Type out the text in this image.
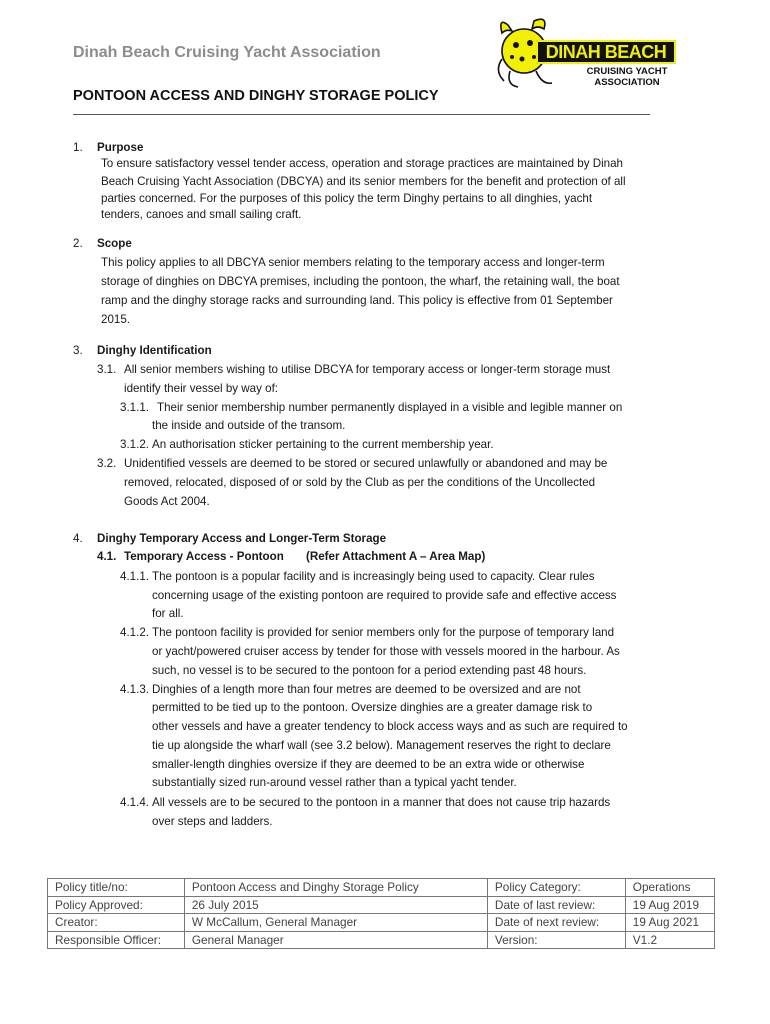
Dinah Beach Cruising Yacht Association
PONTOON ACCESS AND DINGHY STORAGE POLICY
DINAH BEACH
CRUISING YACHT
ASSOCIATION
1. Purpose
To ensure satisfactory vessel tender access, operation and storage practices are maintained by Dinah
Beach Cruising Yacht Association (DBCYA) and its senior members for the benefit and protection of all
parties concerned. For the purposes of this policy the term Dinghy pertains to all dinghies, yacht
tenders, canoes and small sailing craft.
2. Scope
This policy applies to all DBCYA senior members relating to the temporary access and longer-term
storage of dinghies on DBCYA premises, including the pontoon, the wharf, the retaining wall, the boat
ramp and the dinghy storage racks and surrounding land. This policy is effective from 01 September
2015.
3. Dinghy Identification
3.1. All senior members wishing to utilise DBCYA for temporary access or longer-term storage must
identify their vessel by way of:
3.1.1. Their senior membership number permanently displayed in a visible and legible manner on
the inside and outside of the transom.
3.1.2. An authorisation sticker pertaining to the current membership year.
3.2. Unidentified vessels are deemed to be stored or secured unlawfully or abandoned and may be
removed, relocated, disposed of or sold by the Club as per the conditions of the Uncollected
Goods Act 2004.
4. Dinghy Temporary Access and Longer-Term Storage
4.1. Temporary Access - Pontoon (Refer Attachment A – Area Map)
4.1.1. The pontoon is a popular facility and is increasingly being used to capacity. Clear rules
concerning usage of the existing pontoon are required to provide safe and effective access
for all.
4.1.2. The pontoon facility is provided for senior members only for the purpose of temporary land
or yacht/powered cruiser access by tender for those with vessels moored in the harbour. As
such, no vessel is to be secured to the pontoon for a period extending past 48 hours.
4.1.3. Dinghies of a length more than four metres are deemed to be oversized and are not
permitted to be tied up to the pontoon. Oversize dinghies are a greater damage risk to
other vessels and have a greater tendency to block access ways and as such are required to
tie up alongside the wharf wall (see 3.2 below). Management reserves the right to declare
smaller-length dinghies oversize if they are deemed to be an extra wide or otherwise
substantially sized run-around vessel rather than a typical yacht tender.
4.1.4. All vessels are to be secured to the pontoon in a manner that does not cause trip hazards
over steps and ladders.
Policy title/no:	Pontoon Access and Dinghy Storage Policy	Policy Category:	Operations
Policy Approved:	26 July 2015	Date of last review:	19 Aug 2019
Creator:	W McCallum, General Manager	Date of next review:	19 Aug 2021
Responsible Officer:	General Manager	Version:	V1.2
